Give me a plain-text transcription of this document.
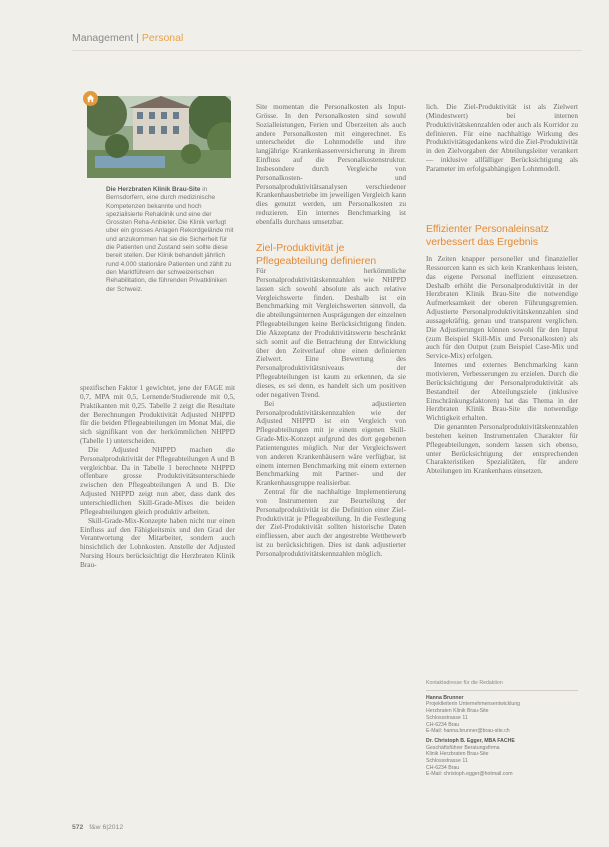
Management | Personal
Die Herzbraten Klinik Brau-Site in Bernsdorfern, eine durch medizinische Kompetenzen bekannte und hoch spezialisierte Rehaklinik und eine der Grossten Reha-Anbieter. Die Klinik verfugt uber ein grosses Anlagen Rekordgelände mit und anzukommen hat sie die Sicherheit für die Patienten und Zustand sein sollte diese bereit stellen. Der Klinik behandelt jährlich rund 4.000 stationäre Patienten und zählt zu den Marktführern der schweizerischen Rehabilitation, die führenden Privatkliniken der Schweiz.

spezifischen Faktor 1 gewichtet, jene der FAGE mit 0,7, MPA mit 0,5, Lernende/Studierende mit 0,5, Praktikanten mit 0,25. Tabelle 2 zeigt die Resultate der Berechnungen Produktivität Adjusted NHPPD für die beiden Pflegeabteilungen im Monat Mai, die sich signifikant von der herkömmlichen NHPPD (Tabelle 1) unterscheiden.

Die Adjusted NHPPD machen die Personalproduktivität der Pflegeabteilungen A und B vergleichbar. Da in Tabelle 1 berechnete NHPPD offenbare grosse Produktivitätsunterschiede zwischen den Pflegeabteilungen A und B. Die Adjusted NHPPD zeigt nun aber, dass dank des unterschiedlichen Skill-Grade-Mixes die beiden Pflegeabteilungen gleich produktiv arbeiten.

Skill-Grade-Mix-Konzepte haben nicht nur einen Einfluss auf den Fähigkeitsmix und den Grad der Verantwortung der Mitarbeiter, sondern auch hinsichtlich der Lohnkosten. Anstelle der Adjusted Nursing Hours berücksichtigt die Herzbraten Klinik Brau-

Site momentan die Personalkosten als Input-Grösse. In den Personalkosten sind sowohl Sozialleistungen, Ferien und Überzeiten als auch andere Personalkosten mit eingerechnet. Es unterscheidet die Lohnmodelle und ihre langjährige Krankenkassenversicherung in ihrem Einfluss auf die Personalkostenstruktur. Insbesondere durch Vergleiche von Personalkosten- und Personalproduktivitätsanalysen verschiedener Krankenhausbetriebe im jeweiligen Vergleich kann dies genutzt werden, um Personalkosten zu reduzieren. Ein internes Benchmarking ist ebenfalls durchaus umsetzbar.

Ziel-Produktivität je Pflegeabteilung definieren

Für herkömmliche Personalproduktivitätskennzahlen wie NHPPD lassen sich sowohl absolute als auch relative Vergleichswerte finden. Deshalb ist ein Benchmarking mit Vergleichswerten sinnvoll, da die abteilungsinternen Ausprägungen der einzelnen Pflegeabteilungen keine Berücksichtigung finden. Die Akzeptanz der Produktivitätswerte beschränkt sich somit auf die Betrachtung der Entwicklung über den Zeitverlauf ohne einen definierten Zielwert. Eine Bewertung des Personalproduktivitätsniveaus der Pflegeabteilungen ist kaum zu erkennen, da sie dieses, es sei denn, es handelt sich um positiven oder negativen Trend.

Bei adjustierten Personalproduktivitätskennzahlen wie der Adjusted NHPPD ist ein Vergleich von Pflegeabteilungen mit je einem eigenen Skill-Grade-Mix-Konzept aufgrund des dort gegebenen Patientengutes möglich. Nur der Vergleichswert von anderen Krankenhäusern wäre verfügbar, ist einem internen Benchmarking mit einem externen Benchmarking mit Partner- und der Krankenhausgruppe realisierbar.

Zentral für die nachhaltige Implementierung von Instrumenten zur Beurteilung der Personalproduktivität ist die Definition einer Ziel-Produktivität je Pflegeabteilung. In die Festlegung der Ziel-Produktivität sollten historische Daten einfliessen, aber auch der angestrebte Wettbewerb ist zu berücksichtigen. Dies ist dank adjustierter Personalproduktivitätskennzahlen möglich.

lich. Die Ziel-Produktivität ist als Zielwert (Mindestwert) bei internen Produktivitätskennzahlen oder auch als Korridor zu definieren. Für eine nachhaltige Wirkung des Produktivitätsgedankens wird die Ziel-Produktivität in den Zielvorgaben der Abteilungsleiter verankert — inklusive allfälliger Berücksichtigung als Parameter im erfolgsabhängigen Lohnmodell.

Effizienter Personaleinsatz verbessert das Ergebnis

In Zeiten knapper personeller und finanzieller Ressourcen kann es sich kein Krankenhaus leisten, das eigene Personal ineffizient einzusetzen. Deshalb erhöht die Personalproduktivität in der Herzbraten Klinik Brau-Site die notwendige Aufmerksamkeit der oberen Führungsgremien. Adjustierte Personalproduktivitätskennzahlen sind aussagekräftig, genau und transparent verglichen. Die Adjustierungen können sowohl für den Input (zum Beispiel Skill-Mix und Personalkosten) als auch für den Output (zum Beispiel Case-Mix und Service-Mix) erfolgen.

Internes und externes Benchmarking kann motivieren, Verbesserungen zu erzielen. Durch die Berücksichtigung der Personalproduktivität als Bestandteil der Abteilungsziele (inklusive Einschränkungsfaktoren) hat das Thema in der Herzbraten Klinik Brau-Site die notwendige Wichtigkeit erhalten.

Die genannten Personalproduktivitätskennzahlen bestehen keinen Instrumentalen Charakter für Pflegeabteilungen, sondern lassen sich ebenso, unter Berücksichtigung der entsprechenden Charakteristiken Spezialitäten, für andere Abteilungen im Krankenhaus einsetzen.

Kontaktadresse für die Redaktion
Hanna Brunner
Projektleiterin Unternehmensentwicklung
Herzbraten Klinik Brau-Site
Schlossstrasse 11
CH-6234 Brau
E-Mail: hanna.brunner@brau-site.ch
Dr. Christoph B. Egger, MBA FACHE
Geschäftsführer Beratungsfirma
Klinik Herzbraten Brau-Site
Schlossstrasse 11
CH-6234 Brau
E-Mail: christoph.egger@hotmail.com
572 f&w 6|2012
